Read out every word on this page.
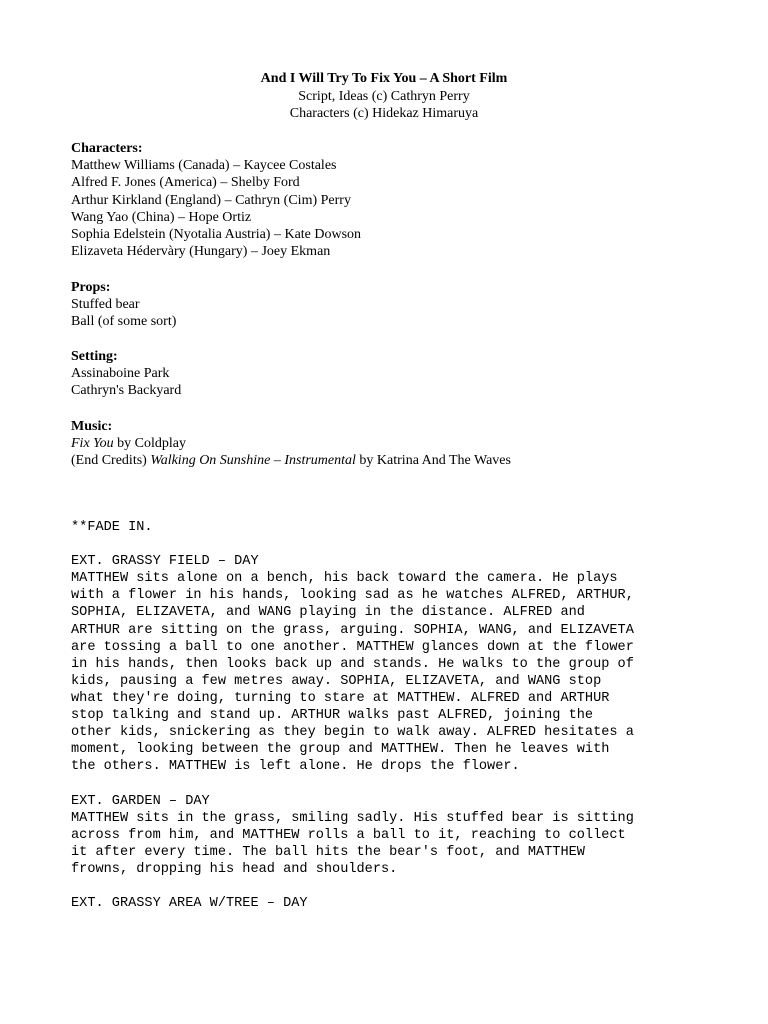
And I Will Try To Fix You – A Short Film
Script, Ideas (c) Cathryn Perry
Characters (c) Hidekaz Himaruya
Characters:
Matthew Williams (Canada) – Kaycee Costales
Alfred F. Jones (America) – Shelby Ford
Arthur Kirkland (England) – Cathryn (Cim) Perry
Wang Yao (China) – Hope Ortiz
Sophia Edelstein (Nyotalia Austria) – Kate Dowson
Elizaveta Hédervàry (Hungary) – Joey Ekman
Props:
Stuffed bear
Ball (of some sort)
Setting:
Assinaboine Park
Cathryn's Backyard
Music:
Fix You by Coldplay
(End Credits) Walking On Sunshine – Instrumental by Katrina And The Waves
**FADE IN.
EXT. GRASSY FIELD – DAY
MATTHEW sits alone on a bench, his back toward the camera. He plays
with a flower in his hands, looking sad as he watches ALFRED, ARTHUR,
SOPHIA, ELIZAVETA, and WANG playing in the distance. ALFRED and
ARTHUR are sitting on the grass, arguing. SOPHIA, WANG, and ELIZAVETA
are tossing a ball to one another. MATTHEW glances down at the flower
in his hands, then looks back up and stands. He walks to the group of
kids, pausing a few metres away. SOPHIA, ELIZAVETA, and WANG stop
what they're doing, turning to stare at MATTHEW. ALFRED and ARTHUR
stop talking and stand up. ARTHUR walks past ALFRED, joining the
other kids, snickering as they begin to walk away. ALFRED hesitates a
moment, looking between the group and MATTHEW. Then he leaves with
the others. MATTHEW is left alone. He drops the flower.
EXT. GARDEN – DAY
MATTHEW sits in the grass, smiling sadly. His stuffed bear is sitting
across from him, and MATTHEW rolls a ball to it, reaching to collect
it after every time. The ball hits the bear's foot, and MATTHEW
frowns, dropping his head and shoulders.
EXT. GRASSY AREA W/TREE – DAY
